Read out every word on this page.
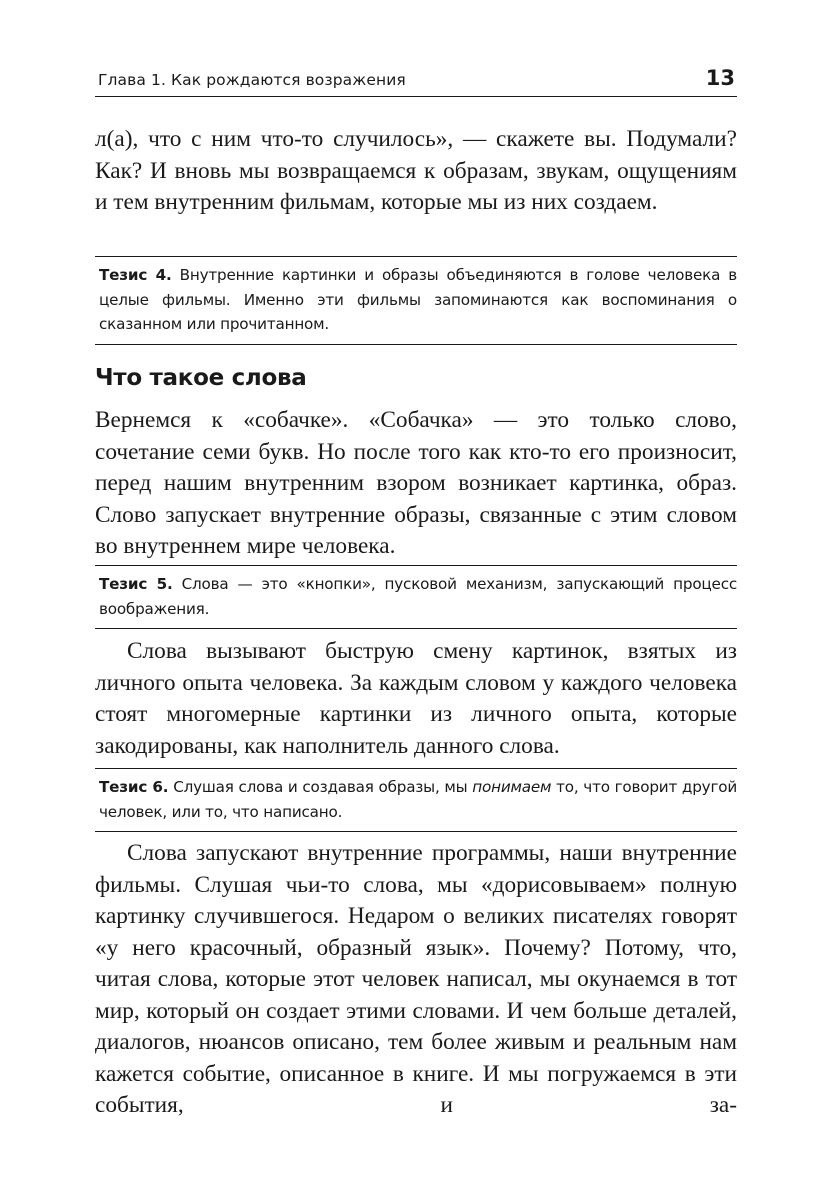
Глава 1. Как рождаются возражения	13

л(а), что с ним что-то случилось», — скажете вы. Подумали? Как? И вновь мы возвращаемся к образам, звукам, ощущениям и тем внутренним фильмам, которые мы из них создаем.

Тезис 4. Внутренние картинки и образы объединяются в голове человека в целые фильмы. Именно эти фильмы запоминаются как воспоминания о сказанном или прочитанном.

Что такое слова

Вернемся к «собачке». «Собачка» — это только слово, сочетание семи букв. Но после того как кто-то его произносит, перед нашим внутренним взором возникает картинка, образ. Слово запускает внутренние образы, связанные с этим словом во внутреннем мире человека.

Тезис 5. Слова — это «кнопки», пусковой механизм, запускающий процесс воображения.

Слова вызывают быструю смену картинок, взятых из личного опыта человека. За каждым словом у каждого человека стоят многомерные картинки из личного опыта, которые закодированы, как наполнитель данного слова.

Тезис 6. Слушая слова и создавая образы, мы понимаем то, что говорит другой человек, или то, что написано.

Слова запускают внутренние программы, наши внутренние фильмы. Слушая чьи-то слова, мы «дорисовываем» полную картинку случившегося. Недаром о великих писателях говорят «у него красочный, образный язык». Почему? Потому, что, читая слова, которые этот человек написал, мы окунаемся в тот мир, который он создает этими словами. И чем больше деталей, диалогов, нюансов описано, тем более живым и реальным нам кажется событие, описанное в книге. И мы погружаемся в эти события, и за-
